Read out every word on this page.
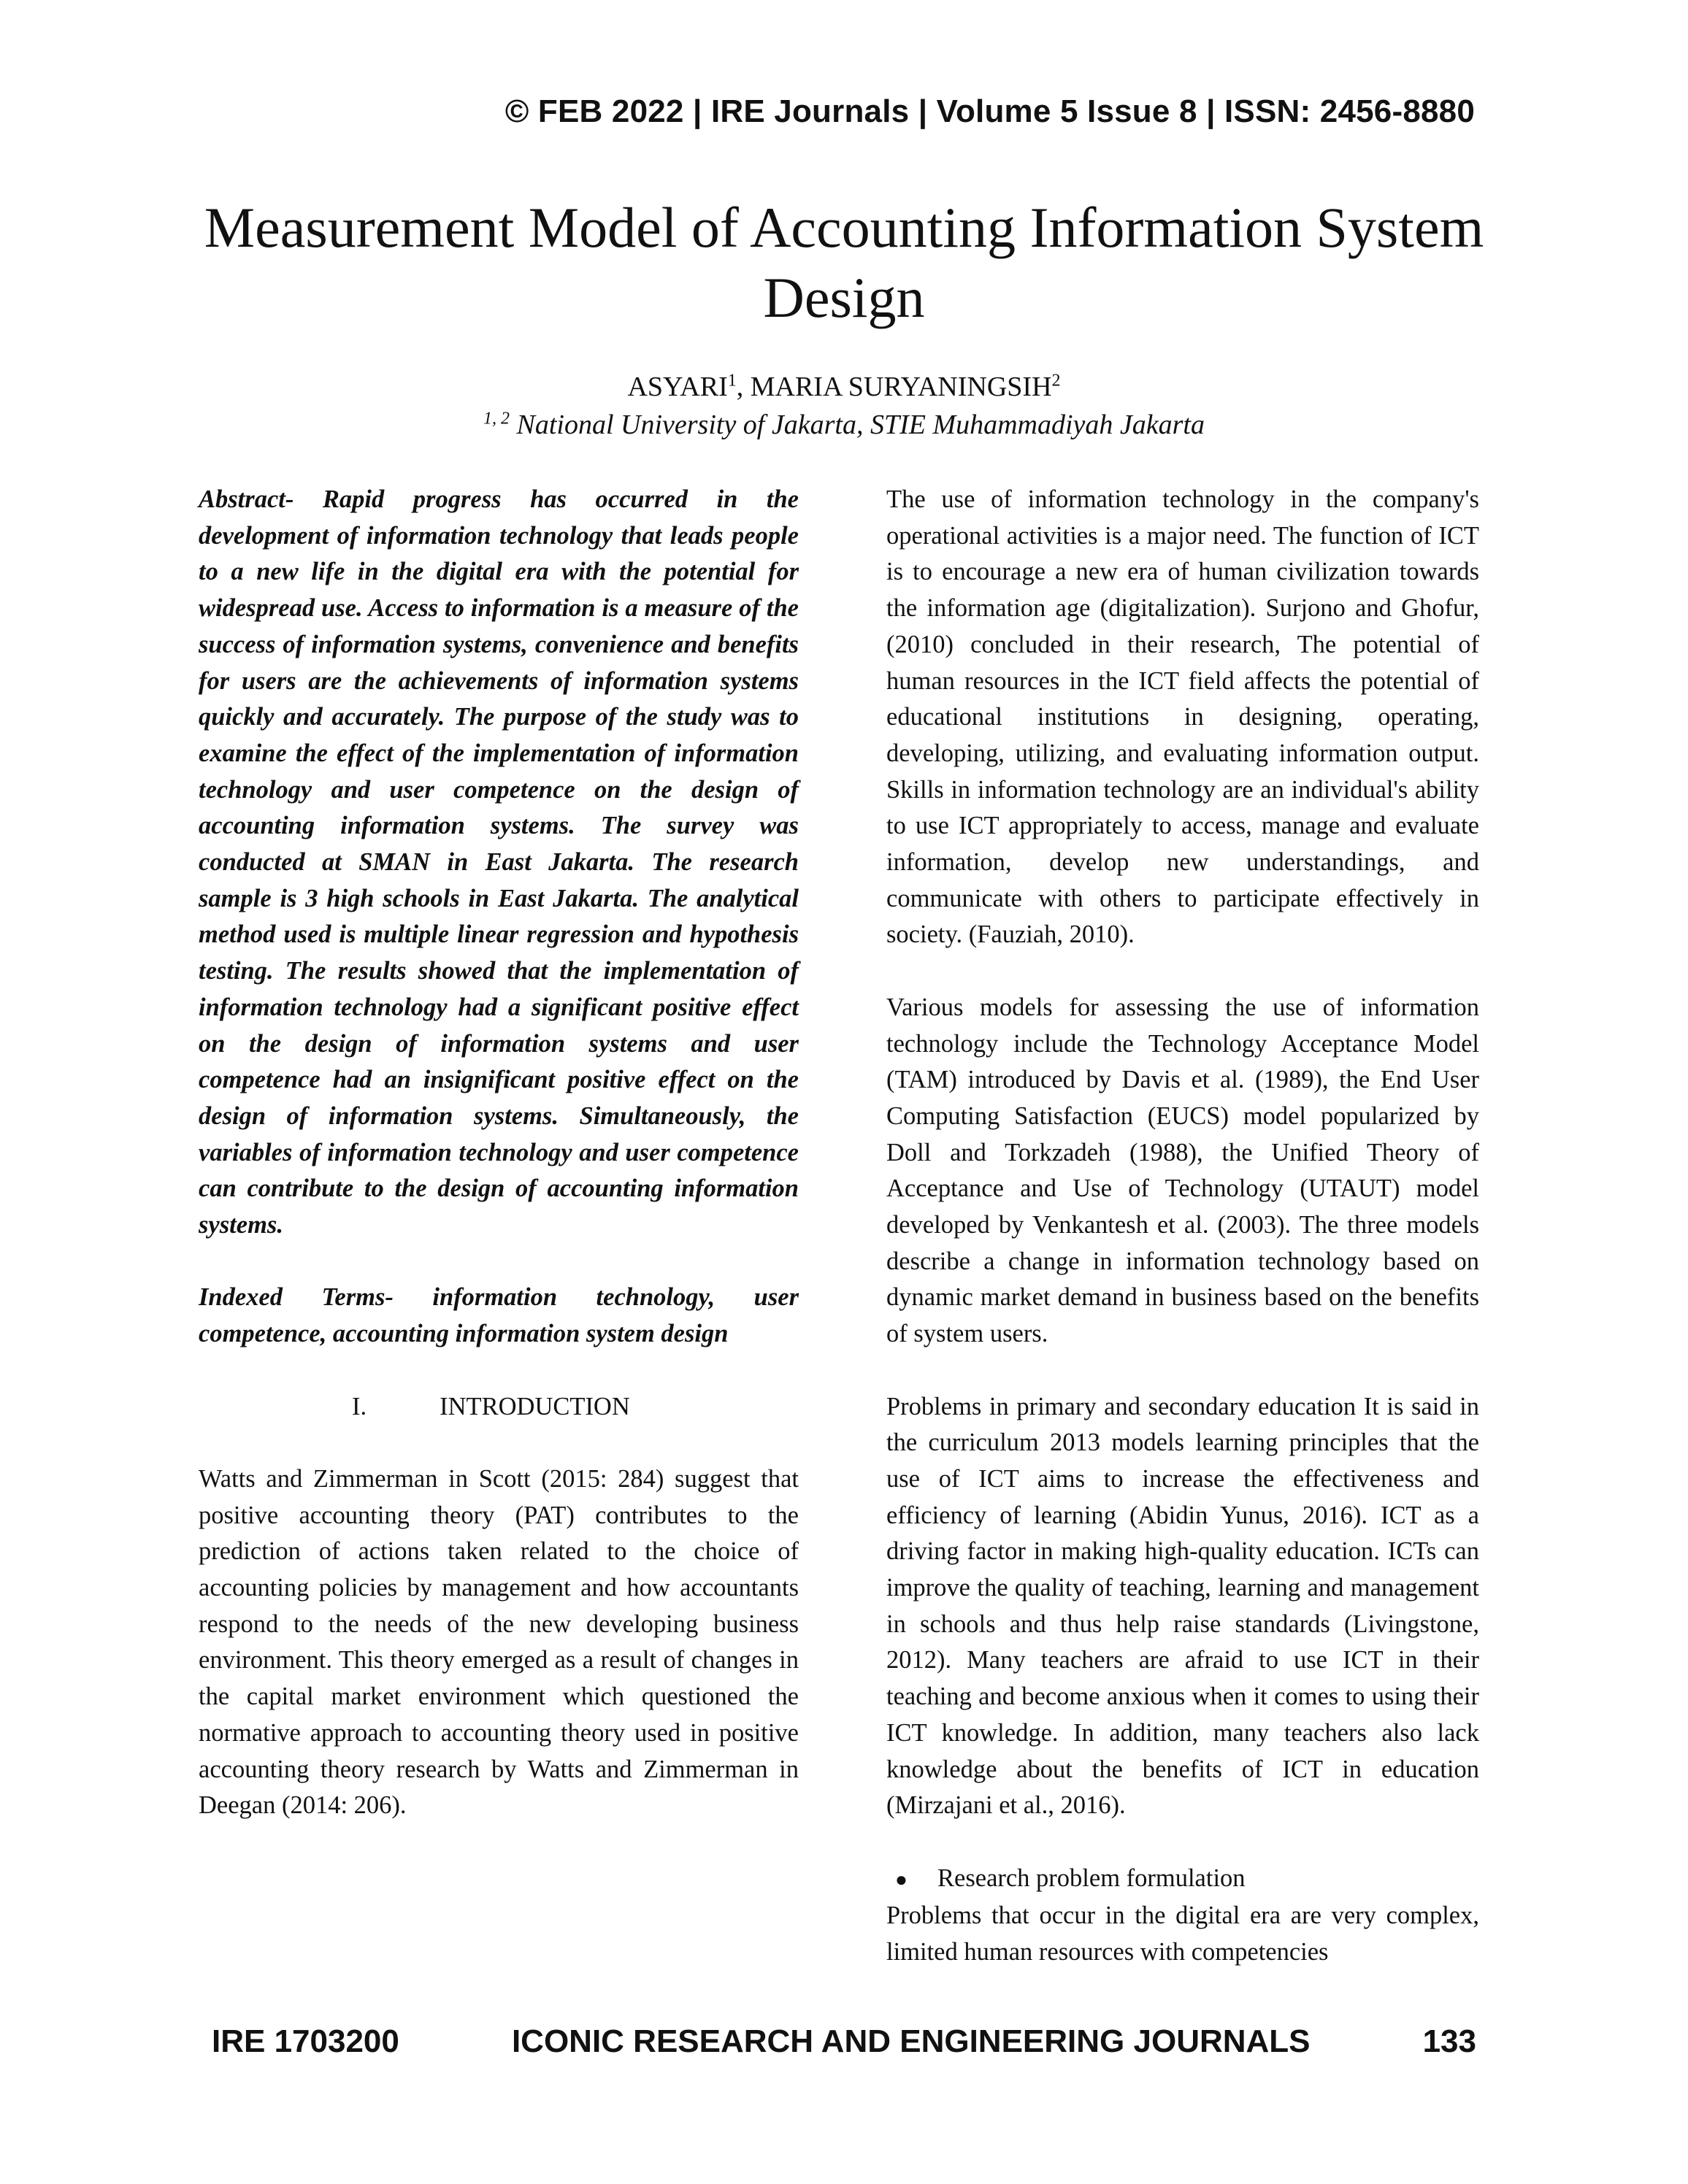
© FEB 2022 | IRE Journals | Volume 5 Issue 8 | ISSN: 2456-8880
Measurement Model of Accounting Information System Design
ASYARI$^1$, MARIA SURYANINGSIH$^2$
$^{1, 2}$ National University of Jakarta, STIE Muhammadiyah Jakarta

Abstract- Rapid progress has occurred in the development of information technology that leads people to a new life in the digital era with the potential for widespread use. Access to information is a measure of the success of information systems, convenience and benefits for users are the achievements of information systems quickly and accurately. The purpose of the study was to examine the effect of the implementation of information technology and user competence on the design of accounting information systems. The survey was conducted at SMAN in East Jakarta. The research sample is 3 high schools in East Jakarta. The analytical method used is multiple linear regression and hypothesis testing. The results showed that the implementation of information technology had a significant positive effect on the design of information systems and user competence had an insignificant positive effect on the design of information systems. Simultaneously, the variables of information technology and user competence can contribute to the design of accounting information systems.

Indexed Terms- information technology, user competence, accounting information system design

I.	INTRODUCTION

Watts and Zimmerman in Scott (2015: 284) suggest that positive accounting theory (PAT) contributes to the prediction of actions taken related to the choice of accounting policies by management and how accountants respond to the needs of the new developing business environment. This theory emerged as a result of changes in the capital market environment which questioned the normative approach to accounting theory used in positive accounting theory research by Watts and Zimmerman in Deegan (2014: 206).

The use of information technology in the company's operational activities is a major need. The function of ICT is to encourage a new era of human civilization towards the information age (digitalization). Surjono and Ghofur, (2010) concluded in their research, The potential of human resources in the ICT field affects the potential of educational institutions in designing, operating, developing, utilizing, and evaluating information output. Skills in information technology are an individual's ability to use ICT appropriately to access, manage and evaluate information, develop new understandings, and communicate with others to participate effectively in society. (Fauziah, 2010).

Various models for assessing the use of information technology include the Technology Acceptance Model (TAM) introduced by Davis et al. (1989), the End User Computing Satisfaction (EUCS) model popularized by Doll and Torkzadeh (1988), the Unified Theory of Acceptance and Use of Technology (UTAUT) model developed by Venkantesh et al. (2003). The three models describe a change in information technology based on dynamic market demand in business based on the benefits of system users.

Problems in primary and secondary education It is said in the curriculum 2013 models learning principles that the use of ICT aims to increase the effectiveness and efficiency of learning (Abidin Yunus, 2016). ICT as a driving factor in making high-quality education. ICTs can improve the quality of teaching, learning and management in schools and thus help raise standards (Livingstone, 2012). Many teachers are afraid to use ICT in their teaching and become anxious when it comes to using their ICT knowledge. In addition, many teachers also lack knowledge about the benefits of ICT in education (Mirzajani et al., 2016).

●	Research problem formulation

Problems that occur in the digital era are very complex, limited human resources with competencies

IRE 1703200	ICONIC RESEARCH AND ENGINEERING JOURNALS	133
